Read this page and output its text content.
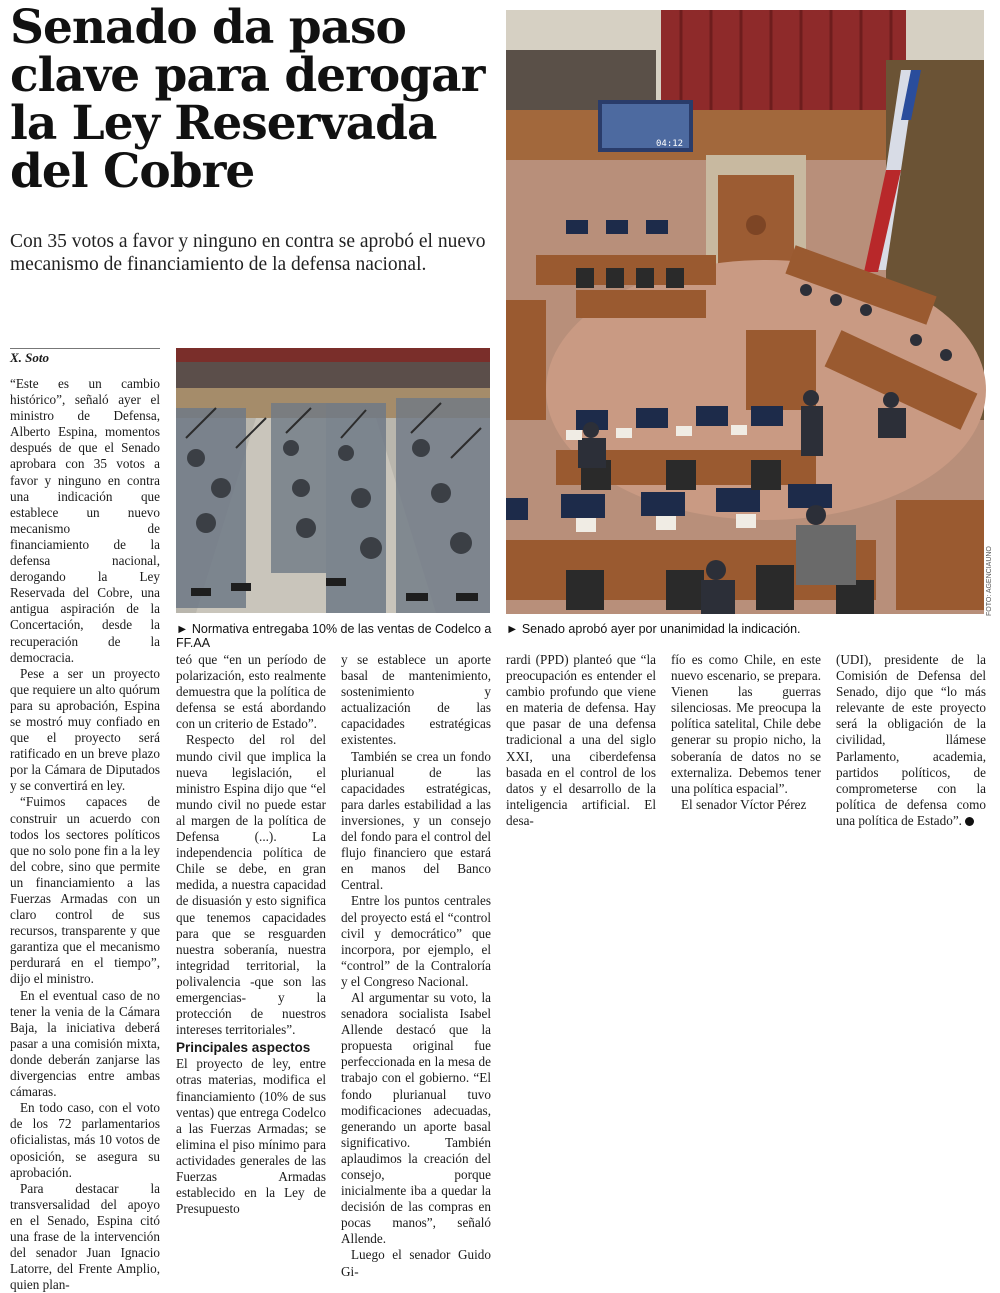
Senado da paso clave para derogar la Ley Reservada del Cobre

Con 35 votos a favor y ninguno en contra se aprobó el nuevo mecanismo de financiamiento de la defensa nacional.

X. Soto

“Este es un cambio histórico”, señaló ayer el ministro de Defensa, Alberto Espina, momentos después de que el Senado aprobara con 35 votos a favor y ninguno en contra una indicación que establece un nuevo mecanismo de financiamiento de la defensa nacional, derogando la Ley Reservada del Cobre, una antigua aspiración de la Concertación, desde la recuperación de la democracia.

Pese a ser un proyecto que requiere un alto quórum para su aprobación, Espina se mostró muy confiado en que el proyecto será ratificado en un breve plazo por la Cámara de Diputados y se convertirá en ley.

“Fuimos capaces de construir un acuerdo con todos los sectores políticos que no solo pone fin a la ley del cobre, sino que permite un financiamiento a las Fuerzas Armadas con un claro control de sus recursos, transparente y que garantiza que el mecanismo perdurará en el tiempo”, dijo el ministro.

En el eventual caso de no tener la venia de la Cámara Baja, la iniciativa deberá pasar a una comisión mixta, donde deberán zanjarse las divergencias entre ambas cámaras.

En todo caso, con el voto de los 72 parlamentarios oficialistas, más 10 votos de oposición, se asegura su aprobación.

Para destacar la transversalidad del apoyo en el Senado, Espina citó una frase de la intervención del senador Juan Ignacio Latorre, del Frente Amplio, quien plan-

► Normativa entregaba 10% de las ventas de Codelco a FF.AA
04:12
FOTO: AGENCIAUNO
► Senado aprobó ayer por unanimidad la indicación.

teó que “en un período de polarización, esto realmente demuestra que la política de defensa se está abordando con un criterio de Estado”.

Respecto del rol del mundo civil que implica la nueva legislación, el ministro Espina dijo que “el mundo civil no puede estar al margen de la política de Defensa (...). La independencia política de Chile se debe, en gran medida, a nuestra capacidad de disuasión y esto significa que tenemos capacidades para que se resguarden nuestra soberanía, nuestra integridad territorial, la polivalencia -que son las emergencias- y la protección de nuestros intereses territoriales”.

Principales aspectos

El proyecto de ley, entre otras materias, modifica el financiamiento (10% de sus ventas) que entrega Codelco a las Fuerzas Armadas; se elimina el piso mínimo para actividades generales de las Fuerzas Armadas establecido en la Ley de Presupuesto

y se establece un aporte basal de mantenimiento, sostenimiento y actualización de las capacidades estratégicas existentes.

También se crea un fondo plurianual de las capacidades estratégicas, para darles estabilidad a las inversiones, y un consejo del fondo para el control del flujo financiero que estará en manos del Banco Central.

Entre los puntos centrales del proyecto está el “control civil y democrático” que incorpora, por ejemplo, el “control” de la Contraloría y el Congreso Nacional.

Al argumentar su voto, la senadora socialista Isabel Allende destacó que la propuesta original fue perfeccionada en la mesa de trabajo con el gobierno. “El fondo plurianual tuvo modificaciones adecuadas, generando un aporte basal significativo. También aplaudimos la creación del consejo, porque inicialmente iba a quedar la decisión de las compras en pocas manos”, señaló Allende.

Luego el senador Guido Gi-

rardi (PPD) planteó que “la preocupación es entender el cambio profundo que viene en materia de defensa. Hay que pasar de una defensa tradicional a una del siglo XXI, una ciberdefensa basada en el control de los datos y el desarrollo de la inteligencia artificial. El desa-

fío es como Chile, en este nuevo escenario, se prepara. Vienen las guerras silenciosas. Me preocupa la política satelital, Chile debe generar su propio nicho, la soberanía de datos no se externaliza. Debemos tener una política espacial”.

El senador Víctor Pérez

(UDI), presidente de la Comisión de Defensa del Senado, dijo que “lo más relevante de este proyecto será la obligación de la civilidad, llámese Parlamento, academia, partidos políticos, de comprometerse con la política de defensa como una política de Estado”.
